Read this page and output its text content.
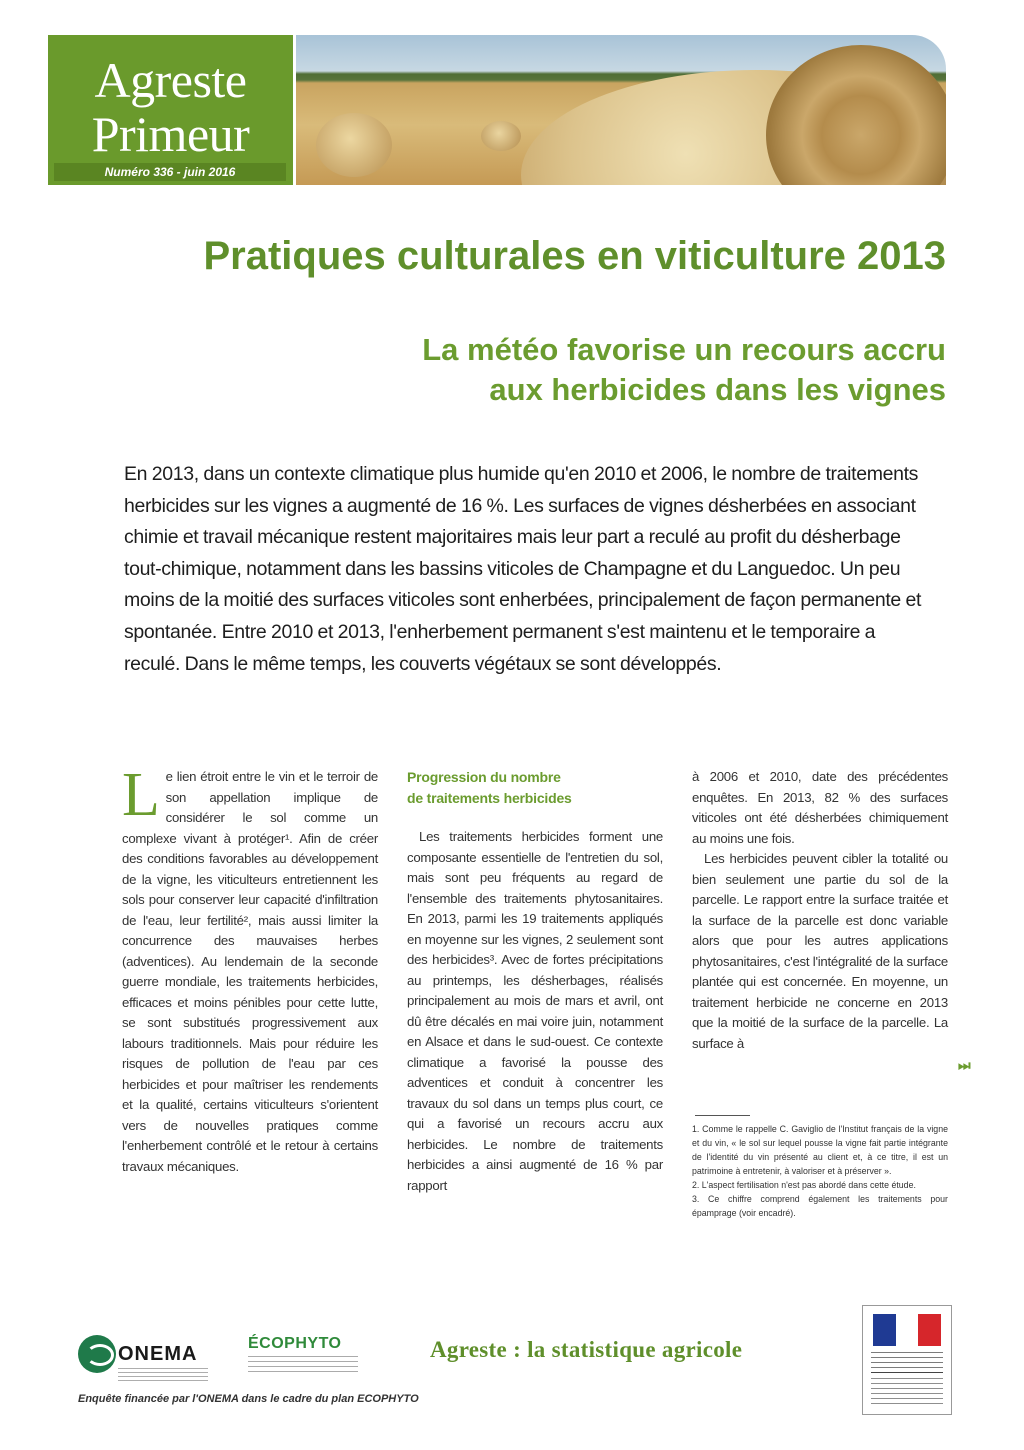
Agreste
Primeur
Numéro 336 - juin 2016
Pratiques culturales en viticulture 2013
La météo favorise un recours accru
aux herbicides dans les vignes

En 2013, dans un contexte climatique plus humide qu'en 2010 et 2006, le nombre de traitements herbicides sur les vignes a augmenté de 16 %. Les surfaces de vignes désherbées en associant chimie et travail mécanique restent majoritaires mais leur part a reculé au profit du désherbage tout-chimique, notamment dans les bassins viticoles de Champagne et du Languedoc. Un peu moins de la moitié des surfaces viticoles sont enherbées, principalement de façon permanente et spontanée. Entre 2010 et 2013, l'enherbement permanent s'est maintenu et le temporaire a reculé. Dans le même temps, les couverts végétaux se sont développés.

Le lien étroit entre le vin et le terroir de son appellation implique de considérer le sol comme un complexe vivant à protéger¹. Afin de créer des conditions favorables au développement de la vigne, les viticulteurs entretiennent les sols pour conserver leur capacité d'infiltration de l'eau, leur fertilité², mais aussi limiter la concurrence des mauvaises herbes (adventices). Au lendemain de la seconde guerre mondiale, les traitements herbicides, efficaces et moins pénibles pour cette lutte, se sont substitués progressivement aux labours traditionnels. Mais pour réduire les risques de pollution de l'eau par ces herbicides et pour maîtriser les rendements et la qualité, certains viticulteurs s'orientent vers de nouvelles pratiques comme l'enherbement contrôlé et le retour à certains travaux mécaniques.

Progression du nombre
de traitements herbicides

Les traitements herbicides forment une composante essentielle de l'entretien du sol, mais sont peu fréquents au regard de l'ensemble des traitements phytosanitaires. En 2013, parmi les 19 traitements appliqués en moyenne sur les vignes, 2 seulement sont des herbicides³. Avec de fortes précipitations au printemps, les désherbages, réalisés principalement au mois de mars et avril, ont dû être décalés en mai voire juin, notamment en Alsace et dans le sud-ouest. Ce contexte climatique a favorisé la pousse des adventices et conduit à concentrer les travaux du sol dans un temps plus court, ce qui a favorisé un recours accru aux herbicides. Le nombre de traitements herbicides a ainsi augmenté de 16 % par rapport

à 2006 et 2010, date des précédentes enquêtes. En 2013, 82 % des surfaces viticoles ont été désherbées chimiquement au moins une fois.

Les herbicides peuvent cibler la totalité ou bien seulement une partie du sol de la parcelle. Le rapport entre la surface traitée et la surface de la parcelle est donc variable alors que pour les autres applications phytosanitaires, c'est l'intégralité de la surface plantée qui est concernée. En moyenne, un traitement herbicide ne concerne en 2013 que la moitié de la surface de la parcelle. La surface à

⏭

1. Comme le rappelle C. Gaviglio de l'Institut français de la vigne et du vin, « le sol sur lequel pousse la vigne fait partie intégrante de l'identité du vin présenté au client et, à ce titre, il est un patrimoine à entretenir, à valoriser et à préserver ».

2. L'aspect fertilisation n'est pas abordé dans cette étude.

3. Ce chiffre comprend également les traitements pour épamprage (voir encadré).

ONEMA	ÉCOPHYTO
Enquête financée par l'ONEMA dans le cadre du plan ECOPHYTO
Agreste : la statistique agricole
